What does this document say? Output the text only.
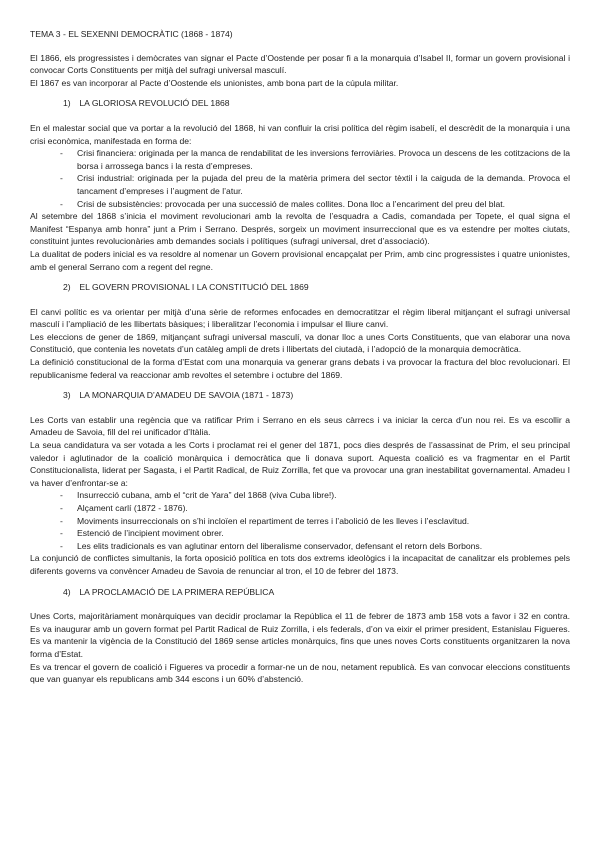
TEMA 3 - EL SEXENNI DEMOCRÀTIC (1868 - 1874)

El 1866, els progressistes i demòcrates van signar el Pacte d’Oostende per posar fi a la monarquia d’Isabel II, formar un govern provisional i convocar Corts Constituents per mitjà del sufragi universal masculí.

El 1867 es van incorporar al Pacte d’Oostende els unionistes, amb bona part de la cúpula militar.

1) LA GLORIOSA REVOLUCIÓ DEL 1868

En el malestar social que va portar a la revolució del 1868, hi van confluir la crisi política del règim isabelí, el descrèdit de la monarquia i una crisi econòmica, manifestada en forma de:

- Crisi financiera: originada per la manca de rendabilitat de les inversions ferroviàries. Provoca un descens de les cotitzacions de la borsa i arrossega bancs i la resta d’empreses.
- Crisi industrial: originada per la pujada del preu de la matèria primera del sector tèxtil i la caiguda de la demanda. Provoca el tancament d’empreses i l’augment de l’atur.
- Crisi de subsistències: provocada per una successió de males collites. Dona lloc a l’encariment del preu del blat.

Al setembre del 1868 s’inicia el moviment revolucionari amb la revolta de l’esquadra a Cadis, comandada per Topete, el qual signa el Manifest “Espanya amb honra” junt a Prim i Serrano. Després, sorgeix un moviment insurreccional que es va estendre per moltes ciutats, constituint juntes revolucionàries amb demandes socials i polítiques (sufragi universal, dret d’associació).

La dualitat de poders inicial es va resoldre al nomenar un Govern provisional encapçalat per Prim, amb cinc progressistes i quatre unionistes, amb el general Serrano com a regent del regne.

2) EL GOVERN PROVISIONAL I LA CONSTITUCIÓ DEL 1869

El canvi polític es va orientar per mitjà d’una sèrie de reformes enfocades en democratitzar el règim liberal mitjançant el sufragi universal masculí i l’ampliació de les llibertats bàsiques; i liberalitzar l’economia i impulsar el lliure canvi.

Les eleccions de gener de 1869, mitjançant sufragi universal masculí, va donar lloc a unes Corts Constituents, que van elaborar una nova Constitució, que contenia les novetats d’un catàleg ampli de drets i llibertats del ciutadà, i l’adopció de la monarquia democràtica.

La definició constitucional de la forma d’Estat com una monarquia va generar grans debats i va provocar la fractura del bloc revolucionari. El republicanisme federal va reaccionar amb revoltes el setembre i octubre del 1869.

3) LA MONARQUIA D’AMADEU DE SAVOIA (1871 - 1873)

Les Corts van establir una regència que va ratificar Prim i Serrano en els seus càrrecs i va iniciar la cerca d’un nou rei. Es va escollir a Amadeu de Savoia, fill del rei unificador d’Itàlia.

La seua candidatura va ser votada a les Corts i proclamat rei el gener del 1871, pocs dies després de l’assassinat de Prim, el seu principal valedor i aglutinador de la coalició monàrquica i democràtica que li donava suport. Aquesta coalició es va fragmentar en el Partit Constitucionalista, liderat per Sagasta, i el Partit Radical, de Ruiz Zorrilla, fet que va provocar una gran inestabilitat governamental. Amadeu I va haver d’enfrontar-se a:

- Insurrecció cubana, amb el “crit de Yara” del 1868 (viva Cuba libre!).
- Alçament carlí (1872 - 1876).
- Moviments insurreccionals on s’hi incloïen el repartiment de terres i l’abolició de les lleves i l’esclavitud.
- Estenció de l’incipient moviment obrer.
- Les elits tradicionals es van aglutinar entorn del liberalisme conservador, defensant el retorn dels Borbons.

La conjunció de conflictes simultanis, la forta oposició política en tots dos extrems ideològics i la incapacitat de canalitzar els problemes pels diferents governs va convèncer Amadeu de Savoia de renunciar al tron, el 10 de febrer del 1873.

4) LA PROCLAMACIÓ DE LA PRIMERA REPÚBLICA

Unes Corts, majoritàriament monàrquiques van decidir proclamar la República el 11 de febrer de 1873 amb 158 vots a favor i 32 en contra. Es va inaugurar amb un govern format pel Partit Radical de Ruiz Zorrilla, i els federals, d’on va eixir el primer president, Estanislau Figueres. Es va mantenir la vigència de la Constitució del 1869 sense articles monàrquics, fins que unes noves Corts constituents organitzaren la nova forma d’Estat.

Es va trencar el govern de coalició i Figueres va procedir a formar-ne un de nou, netament republicà. Es van convocar eleccions constituents que van guanyar els republicans amb 344 escons i un 60% d’abstenció.
